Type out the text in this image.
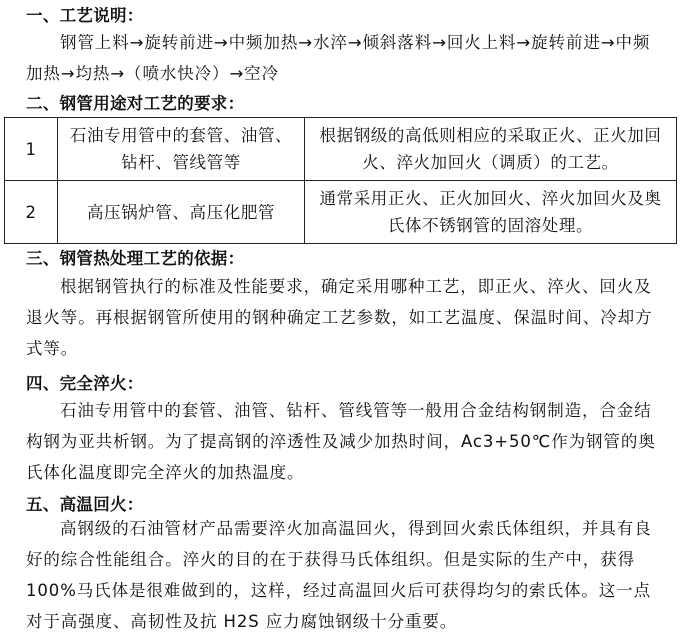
一、工艺说明：
钢管上料→旋转前进→中频加热→水淬→倾斜落料→回火上料→旋转前进→中频加热→均热→（喷水快冷）→空冷
二、钢管用途对工艺的要求：
1	石油专用管中的套管、油管、钻杆、管线管等	根据钢级的高低则相应的采取正火、正火加回火、淬火加回火（调质）的工艺。
2	高压锅炉管、高压化肥管	通常采用正火、正火加回火、淬火加回火及奥氏体不锈钢管的固溶处理。
三、钢管热处理工艺的依据：
根据钢管执行的标准及性能要求，确定采用哪种工艺，即正火、淬火、回火及退火等。再根据钢管所使用的钢种确定工艺参数，如工艺温度、保温时间、冷却方式等。
四、完全淬火：
石油专用管中的套管、油管、钻杆、管线管等一般用合金结构钢制造，合金结构钢为亚共析钢。为了提高钢的淬透性及减少加热时间，Ac3+50℃作为钢管的奥氏体化温度即完全淬火的加热温度。
五、高温回火：
高钢级的石油管材产品需要淬火加高温回火，得到回火索氏体组织，并具有良好的综合性能组合。淬火的目的在于获得马氏体组织。但是实际的生产中，获得 100%马氏体是很难做到的，这样，经过高温回火后可获得均匀的索氏体。这一点对于高强度、高韧性及抗 H2S 应力腐蚀钢级十分重要。
